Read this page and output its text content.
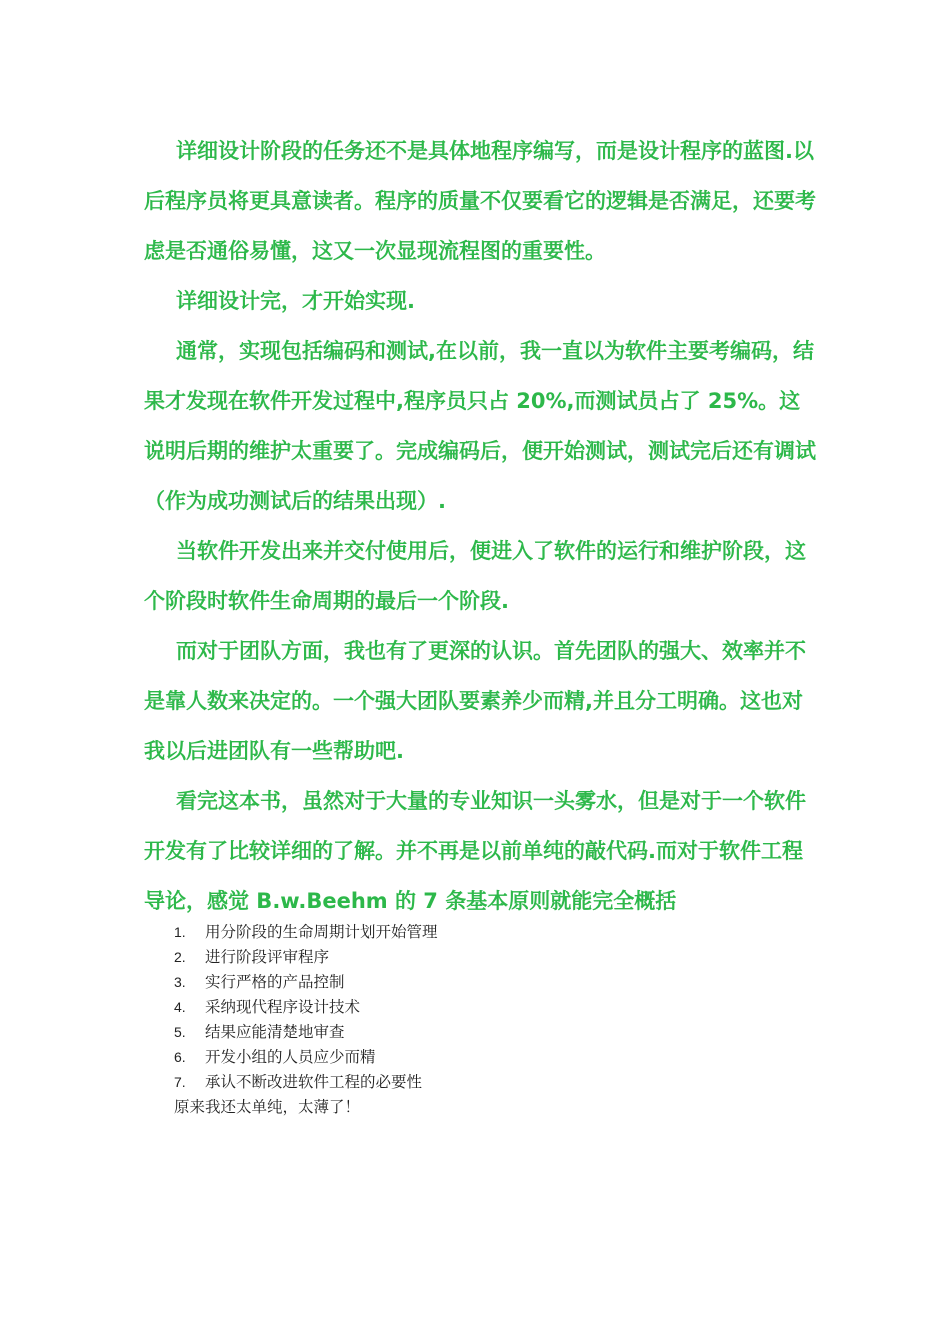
详细设计阶段的任务还不是具体地程序编写，而是设计程序的蓝图.以后程序员将更具意读者。程序的质量不仅要看它的逻辑是否满足，还要考虑是否通俗易懂，这又一次显现流程图的重要性。

详细设计完，才开始实现.

通常，实现包括编码和测试,在以前，我一直以为软件主要考编码，结果才发现在软件开发过程中,程序员只占 20%,而测试员占了 25%。这说明后期的维护太重要了。完成编码后，便开始测试，测试完后还有调试（作为成功测试后的结果出现）.

当软件开发出来并交付使用后，便进入了软件的运行和维护阶段，这个阶段时软件生命周期的最后一个阶段.

而对于团队方面，我也有了更深的认识。首先团队的强大、效率并不是靠人数来决定的。一个强大团队要素养少而精,并且分工明确。这也对我以后进团队有一些帮助吧.

看完这本书，虽然对于大量的专业知识一头雾水，但是对于一个软件开发有了比较详细的了解。并不再是以前单纯的敲代码.而对于软件工程导论，感觉 B.w.Beehm 的 7 条基本原则就能完全概括

1.	用分阶段的生命周期计划开始管理
2.	进行阶段评审程序
3.	实行严格的产品控制
4.	采纳现代程序设计技术
5.	结果应能清楚地审查
6.	开发小组的人员应少而精
7.	承认不断改进软件工程的必要性

原来我还太单纯，太薄了！
